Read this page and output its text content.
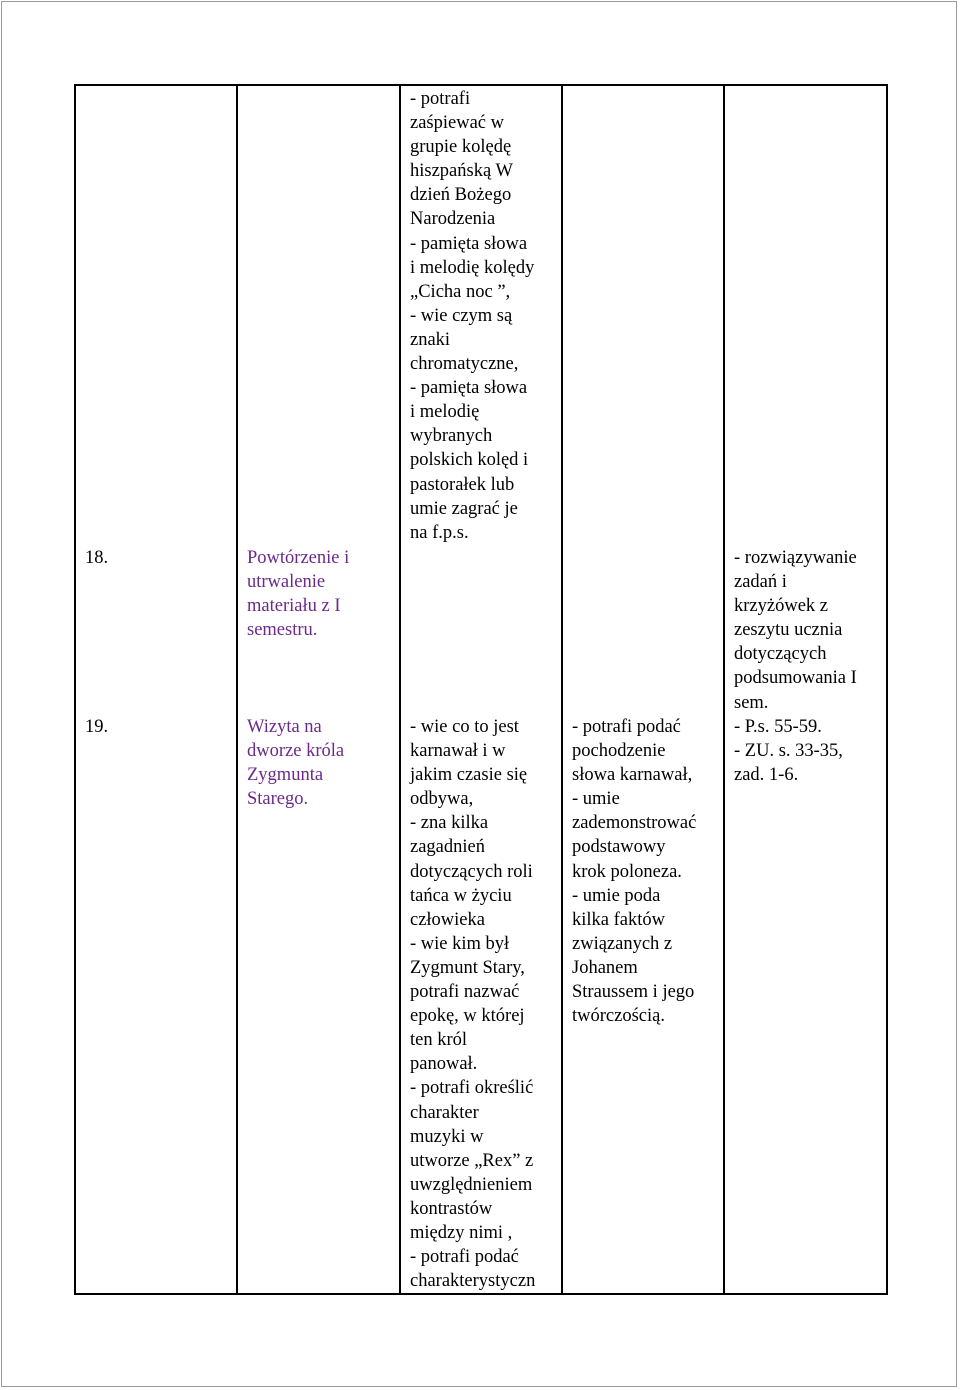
- potrafi
zaśpiewać w
grupie kolędę
hiszpańską W
dzień Bożego
Narodzenia
- pamięta słowa
i melodię kolędy
„Cicha noc ”,
- wie czym są
znaki
chromatyczne,
- pamięta słowa
i melodię
wybranych
polskich kolęd i
pastorałek lub
umie zagrać je
na f.p.s.
18.	Powtórzenie i
utrwalenie
materiału z I
semestru.
- rozwiązywanie
zadań i
krzyżówek z
zeszytu ucznia
dotyczących
podsumowania I
sem.
19.	Wizyta na
dworze króla
Zygmunta
Starego.
- wie co to jest
karnawał i w
jakim czasie się
odbywa,
- zna kilka
zagadnień
dotyczących roli
tańca w życiu
człowieka
- wie kim był
Zygmunt Stary,
potrafi nazwać
epokę, w której
ten król
panował.
- potrafi określić
charakter
muzyki w
utworze „Rex” z
uwzględnieniem
kontrastów
między nimi ,
- potrafi podać
charakterystyczn
- potrafi podać
pochodzenie
słowa karnawał,
- umie
zademonstrować
podstawowy
krok poloneza.
- umie poda
kilka faktów
związanych z
Johanem
Straussem i jego
twórczością.
- P.s. 55-59.
- ZU. s. 33-35,
zad. 1-6.
